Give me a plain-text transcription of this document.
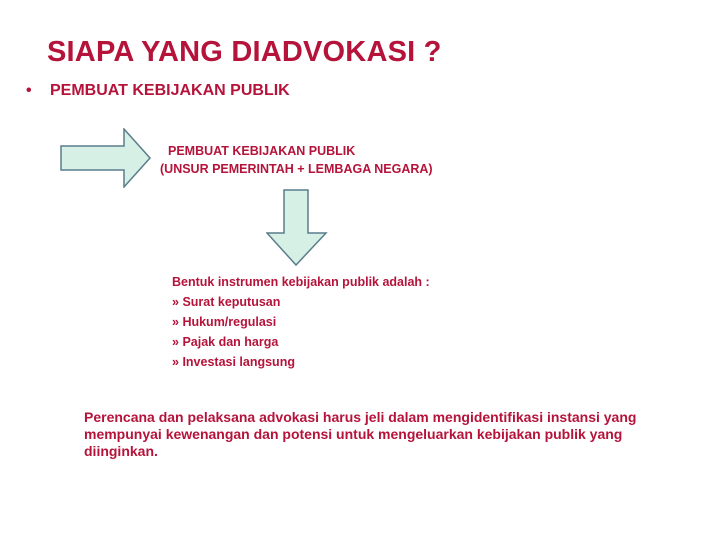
SIAPA YANG DIADVOKASI ?
• PEMBUAT KEBIJAKAN PUBLIK
PEMBUAT KEBIJAKAN PUBLIK
(UNSUR PEMERINTAH + LEMBAGA NEGARA)
Bentuk instrumen kebijakan publik adalah :
» Surat keputusan
» Hukum/regulasi
» Pajak dan harga
» Investasi langsung
Perencana dan pelaksana advokasi harus jeli dalam mengidentifikasi instansi yang
mempunyai kewenangan dan potensi untuk mengeluarkan kebijakan publik yang
diinginkan.
